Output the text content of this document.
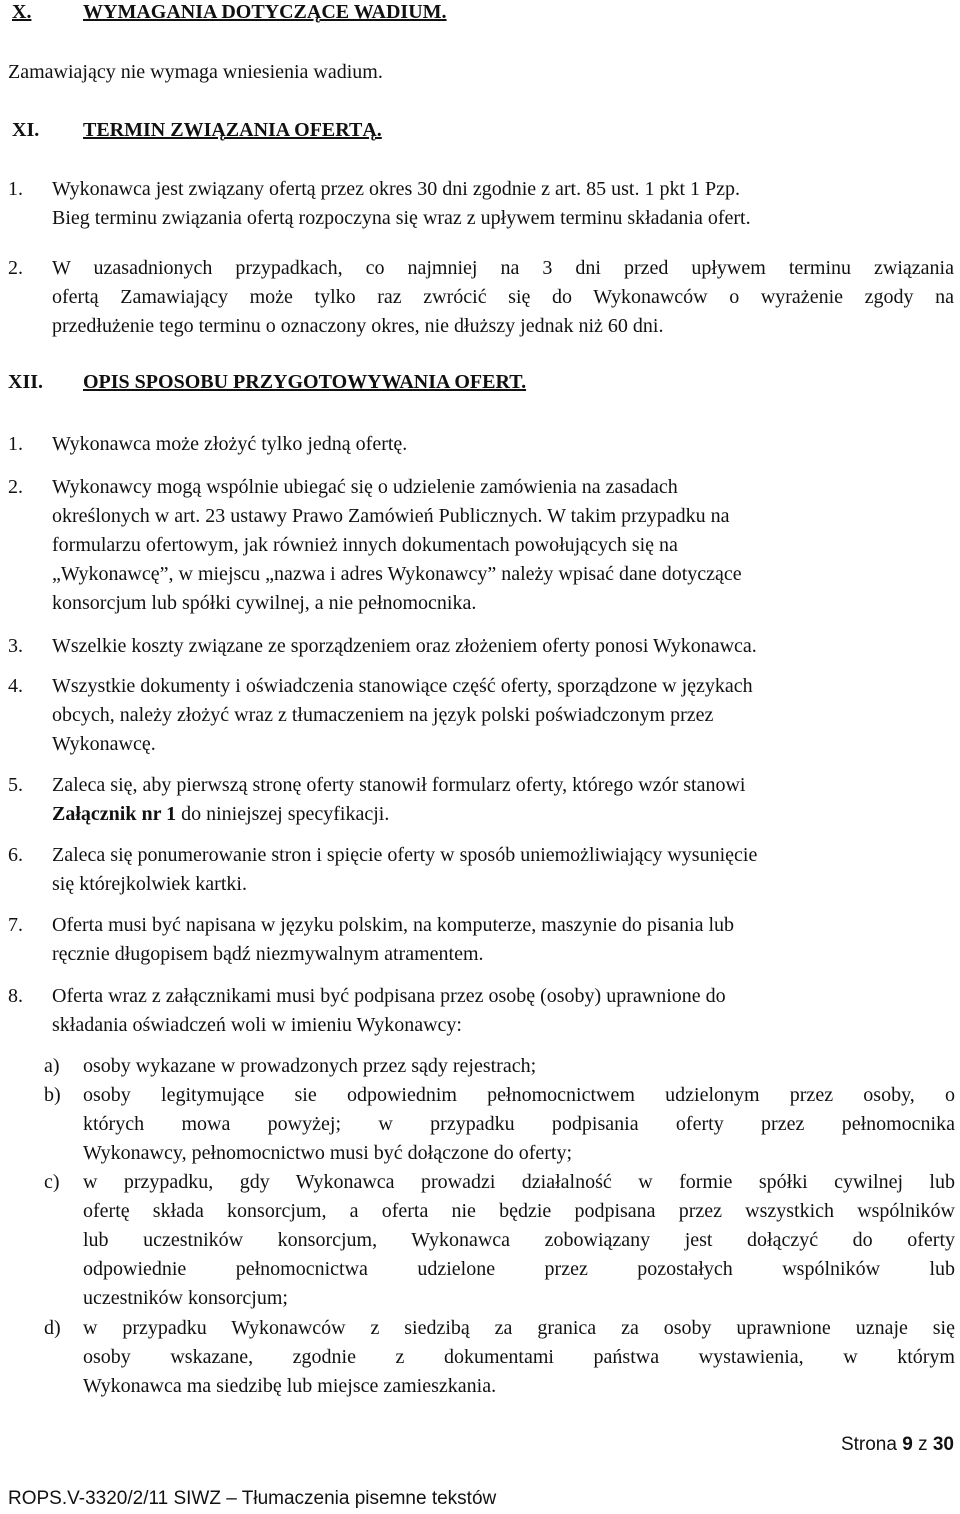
X.	WYMAGANIA DOTYCZĄCE WADIUM.
Zamawiający nie wymaga wniesienia wadium.
XI. TERMIN ZWIĄZANIA OFERTĄ.
1. Wykonawca jest związany ofertą przez okres 30 dni zgodnie z art. 85 ust. 1 pkt 1 Pzp.
Bieg terminu związania ofertą rozpoczyna się wraz z upływem terminu składania ofert.
2. W uzasadnionych przypadkach, co najmniej na 3 dni przed upływem terminu związania
ofertą Zamawiający może tylko raz zwrócić się do Wykonawców o wyrażenie zgody na
przedłużenie tego terminu o oznaczony okres, nie dłuższy jednak niż 60 dni.
XII. OPIS SPOSOBU PRZYGOTOWYWANIA OFERT.
1. Wykonawca może złożyć tylko jedną ofertę.
2. Wykonawcy mogą wspólnie ubiegać się o udzielenie zamówienia na zasadach
określonych w art. 23 ustawy Prawo Zamówień Publicznych. W takim przypadku na
formularzu ofertowym, jak również innych dokumentach powołujących się na
„Wykonawcę”, w miejscu „nazwa i adres Wykonawcy” należy wpisać dane dotyczące
konsorcjum lub spółki cywilnej, a nie pełnomocnika.
3. Wszelkie koszty związane ze sporządzeniem oraz złożeniem oferty ponosi Wykonawca.
4. Wszystkie dokumenty i oświadczenia stanowiące część oferty, sporządzone w językach
obcych, należy złożyć wraz z tłumaczeniem na język polski poświadczonym przez
Wykonawcę.
5. Zaleca się, aby pierwszą stronę oferty stanowił formularz oferty, którego wzór stanowi
Załącznik nr 1 do niniejszej specyfikacji.
6. Zaleca się ponumerowanie stron i spięcie oferty w sposób uniemożliwiający wysunięcie
się którejkolwiek kartki.
7. Oferta musi być napisana w języku polskim, na komputerze, maszynie do pisania lub
ręcznie długopisem bądź niezmywalnym atramentem.
8. Oferta wraz z załącznikami musi być podpisana przez osobę (osoby) uprawnione do
składania oświadczeń woli w imieniu Wykonawcy:
a) osoby wykazane w prowadzonych przez sądy rejestrach;
b) osoby legitymujące sie odpowiednim pełnomocnictwem udzielonym przez osoby, o
których mowa powyżej; w przypadku podpisania oferty przez pełnomocnika
Wykonawcy, pełnomocnictwo musi być dołączone do oferty;
c) w przypadku, gdy Wykonawca prowadzi działalność w formie spółki cywilnej lub
ofertę składa konsorcjum, a oferta nie będzie podpisana przez wszystkich wspólników
lub uczestników konsorcjum, Wykonawca zobowiązany jest dołączyć do oferty
odpowiednie pełnomocnictwa udzielone przez pozostałych wspólników lub
uczestników konsorcjum;
d) w przypadku Wykonawców z siedzibą za granica za osoby uprawnione uznaje się
osoby wskazane, zgodnie z dokumentami państwa wystawienia, w którym
Wykonawca ma siedzibę lub miejsce zamieszkania.
Strona 9 z 30
ROPS.V-3320/2/11 SIWZ – Tłumaczenia pisemne tekstów
